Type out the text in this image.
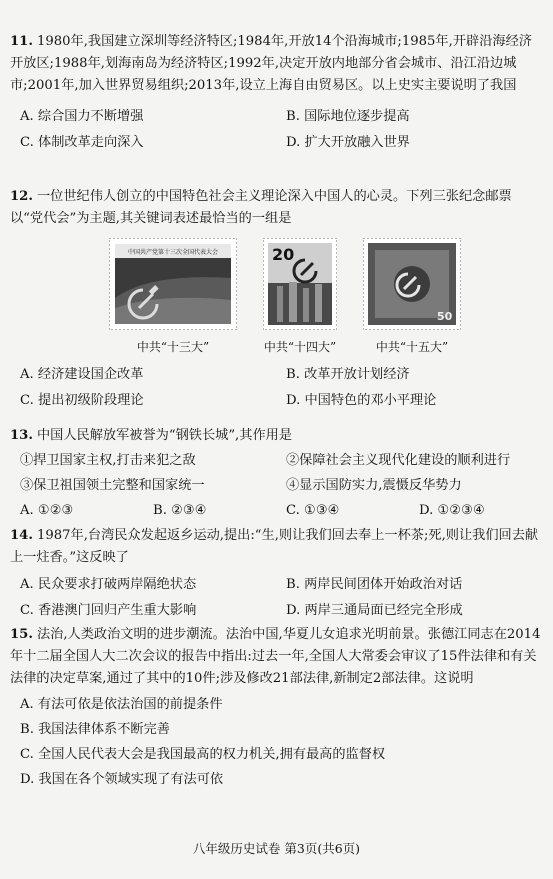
11. 1980年,我国建立深圳等经济特区;1984年,开放14个沿海城市;1985年,开辟沿海经济开放区;1988年,划海南岛为经济特区;1992年,决定开放内地部分省会城市、沿江沿边城市;2001年,加入世界贸易组织;2013年,设立上海自由贸易区。以上史实主要说明了我国

A. 综合国力不断增强	B. 国际地位逐步提高
C. 体制改革走向深入	D. 扩大开放融入世界

12. 一位世纪伟人创立的中国特色社会主义理论深入中国人的心灵。下列三张纪念邮票以“党代会”为主题,其关键词表述最恰当的一组是

中国共产党第十三次全国代表大会
中共“十三大”
20
中共“十四大”
50
中共“十五大”
A. 经济建设国企改革	B. 改革开放计划经济
C. 提出初级阶段理论	D. 中国特色的邓小平理论

13. 中国人民解放军被誉为“钢铁长城”,其作用是

①捍卫国家主权,打击来犯之敌	②保障社会主义现代化建设的顺利进行
③保卫祖国领土完整和国家统一	④显示国防实力,震慑反华势力
A. ①②③	B. ②③④	C. ①③④	D. ①②③④

14. 1987年,台湾民众发起返乡运动,提出:“生,则让我们回去奉上一杯茶;死,则让我们回去献上一炷香。”这反映了

A. 民众要求打破两岸隔绝状态	B. 两岸民间团体开始政治对话
C. 香港澳门回归产生重大影响	D. 两岸三通局面已经完全形成

15. 法治,人类政治文明的进步潮流。法治中国,华夏儿女追求光明前景。张德江同志在2014年十二届全国人大二次会议的报告中指出:过去一年,全国人大常委会审议了15件法律和有关法律的决定草案,通过了其中的10件;涉及修改21部法律,新制定2部法律。这说明

A. 有法可依是依法治国的前提条件
B. 我国法律体系不断完善
C. 全国人民代表大会是我国最高的权力机关,拥有最高的监督权
D. 我国在各个领域实现了有法可依
八年级历史试卷 第3页(共6页)
